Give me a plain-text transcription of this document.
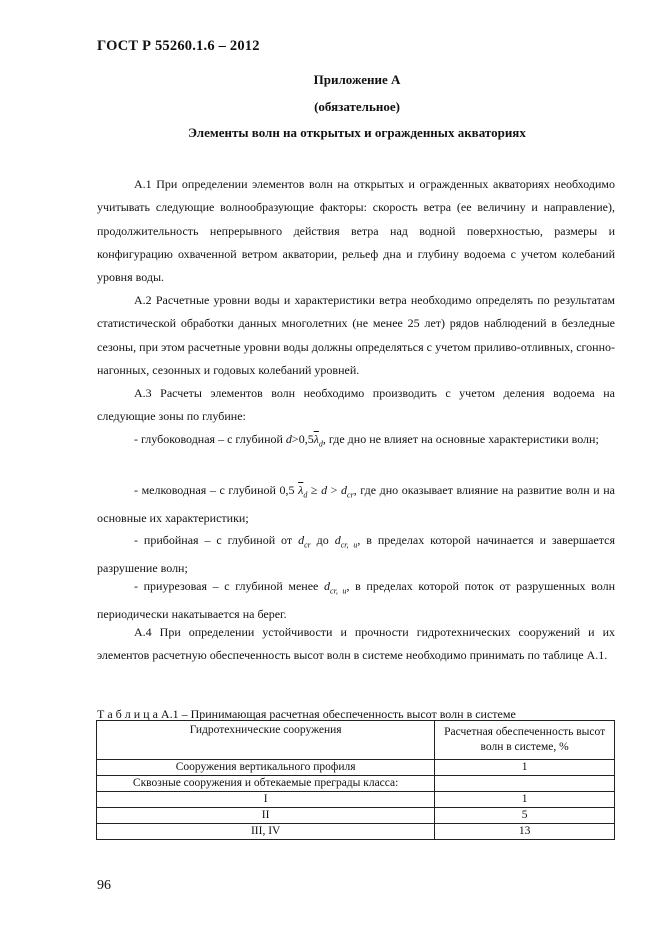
ГОСТ Р 55260.1.6 – 2012
Приложение А
(обязательное)
Элементы волн на открытых и огражденных акваториях

А.1 При определении элементов волн на открытых и огражденных акваториях необходимо учитывать следующие волнообразующие факторы: скорость ветра (ее величину и направление), продолжительность непрерывного действия ветра над водной поверхностью, размеры и конфигурацию охваченной ветром акватории, рельеф дна и глубину водоема с учетом колебаний уровня воды.

А.2 Расчетные уровни воды и характеристики ветра необходимо определять по результатам статистической обработки данных многолетних (не менее 25 лет) рядов наблюдений в безледные сезоны, при этом расчетные уровни воды должны определяться с учетом приливо-отливных, сгонно-нагонных, сезонных и годовых колебаний уровней.

А.3 Расчеты элементов волн необходимо производить с учетом деления водоема на следующие зоны по глубине:

- глубоководная – с глубиной $d>0,5\overline{\lambda}_d$, где дно не влияет на основные характеристики волн;

- мелководная – с глубиной 0,5 $\overline{\lambda}_d \ge d > d_{cr}$, где дно оказывает влияние на развитие волн и на основные их характеристики;

- прибойная – с глубиной от $d_{cr}$ до $d_{cr, u}$, в пределах которой начинается и завершается разрушение волн;

- приурезовая – с глубиной менее $d_{cr, u}$, в пределах которой поток от разрушенных волн периодически накатывается на берег.

А.4 При определении устойчивости и прочности гидротехнических сооружений и их элементов расчетную обеспеченность высот волн в системе необходимо принимать по таблице А.1.

Т а б л и ц а А.1 – Принимающая расчетная обеспеченность высот волн в системе
Гидротехнические сооружения	Расчетная обеспеченность высот волн в системе, %
Сооружения вертикального профиля	1
Сквозные сооружения и обтекаемые преграды класса:	
I	1
II	5
III, IV	13
96
